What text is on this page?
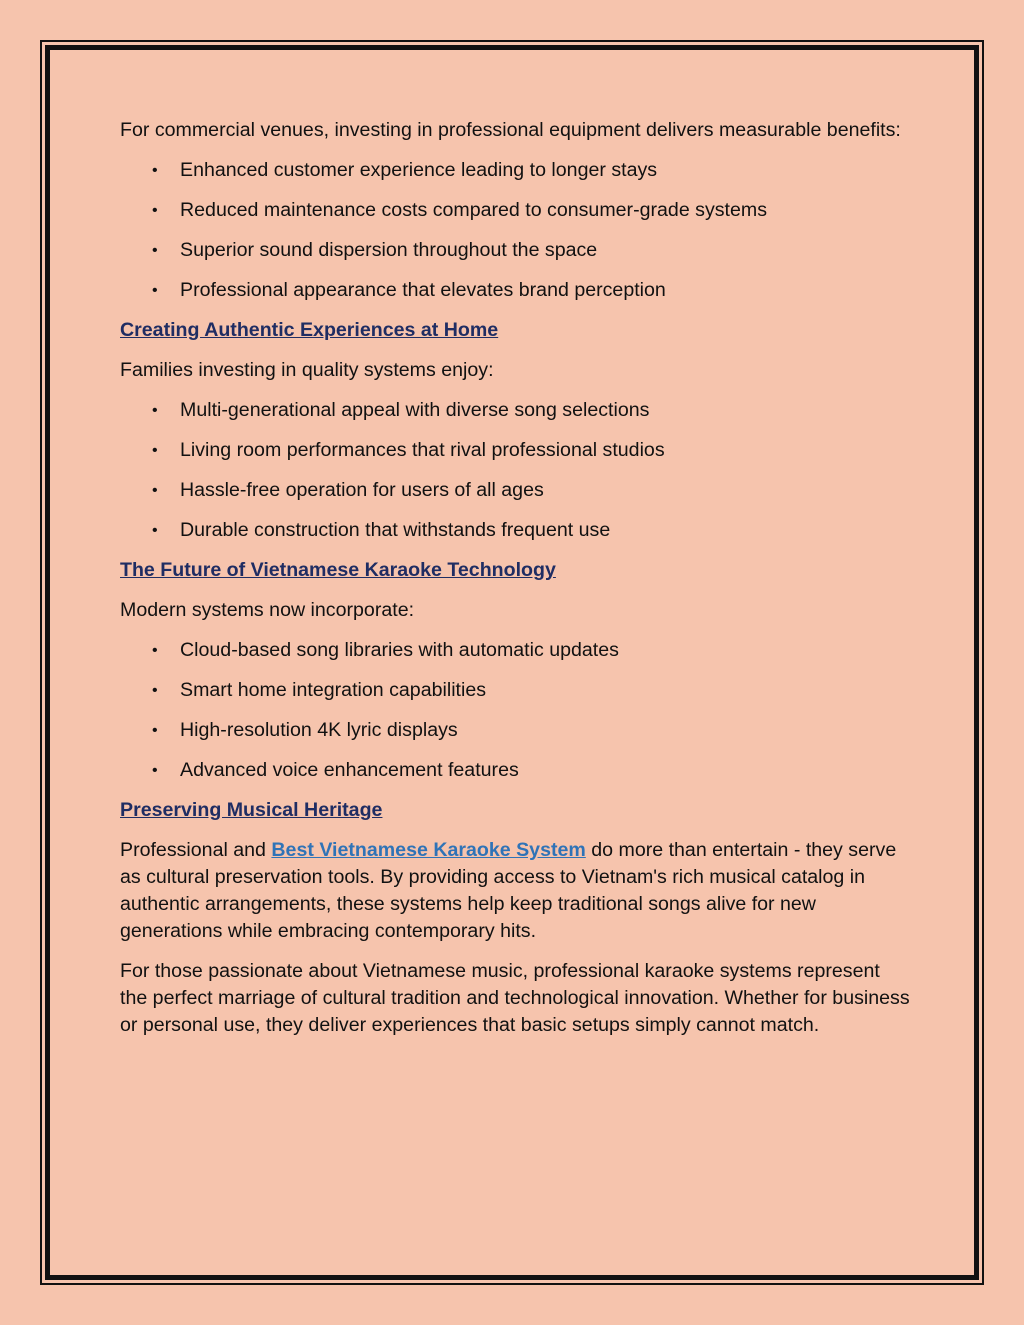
For commercial venues, investing in professional equipment delivers measurable benefits:

• Enhanced customer experience leading to longer stays
• Reduced maintenance costs compared to consumer-grade systems
• Superior sound dispersion throughout the space
• Professional appearance that elevates brand perception
Creating Authentic Experiences at Home

Families investing in quality systems enjoy:

• Multi-generational appeal with diverse song selections
• Living room performances that rival professional studios
• Hassle-free operation for users of all ages
• Durable construction that withstands frequent use
The Future of Vietnamese Karaoke Technology

Modern systems now incorporate:

• Cloud-based song libraries with automatic updates
• Smart home integration capabilities
• High-resolution 4K lyric displays
• Advanced voice enhancement features
Preserving Musical Heritage

Professional and Best Vietnamese Karaoke System do more than entertain - they serve as cultural preservation tools. By providing access to Vietnam's rich musical catalog in authentic arrangements, these systems help keep traditional songs alive for new generations while embracing contemporary hits.

For those passionate about Vietnamese music, professional karaoke systems represent the perfect marriage of cultural tradition and technological innovation. Whether for business or personal use, they deliver experiences that basic setups simply cannot match.
